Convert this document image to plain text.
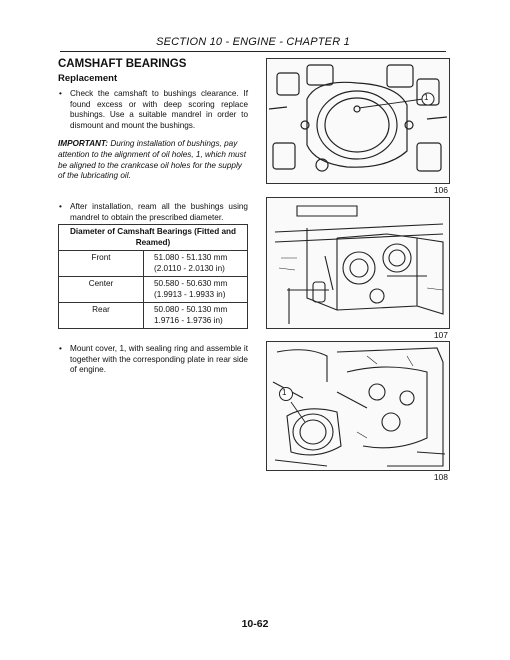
SECTION 10 - ENGINE - CHAPTER 1
CAMSHAFT BEARINGS
Replacement
• Check the camshaft to bushings clearance. If found excess or with deep scoring replace bushings. Use a suitable mandrel in order to dismount and mount the bushings.
IMPORTANT: During installation of bushings, pay attention to the alignment of oil holes, 1, which must be aligned to the crankcase oil holes for the supply of the lubricating oil.
• After installation, ream all the bushings using mandrel to obtain the prescribed diameter.
Diameter of Camshaft Bearings (Fitted and Reamed)	
Front	51.080 - 51.130 mm
(2.0110 - 2.0130 in)

Center	50.580 - 50.630 mm
(1.9913 - 1.9933 in)

Rear	50.080 - 50.130 mm
1.9716 - 1.9736 in)
• Mount cover, 1, with sealing ring and assemble it together with the corresponding plate in rear side of engine.
1
106
107
1
108
10-62
